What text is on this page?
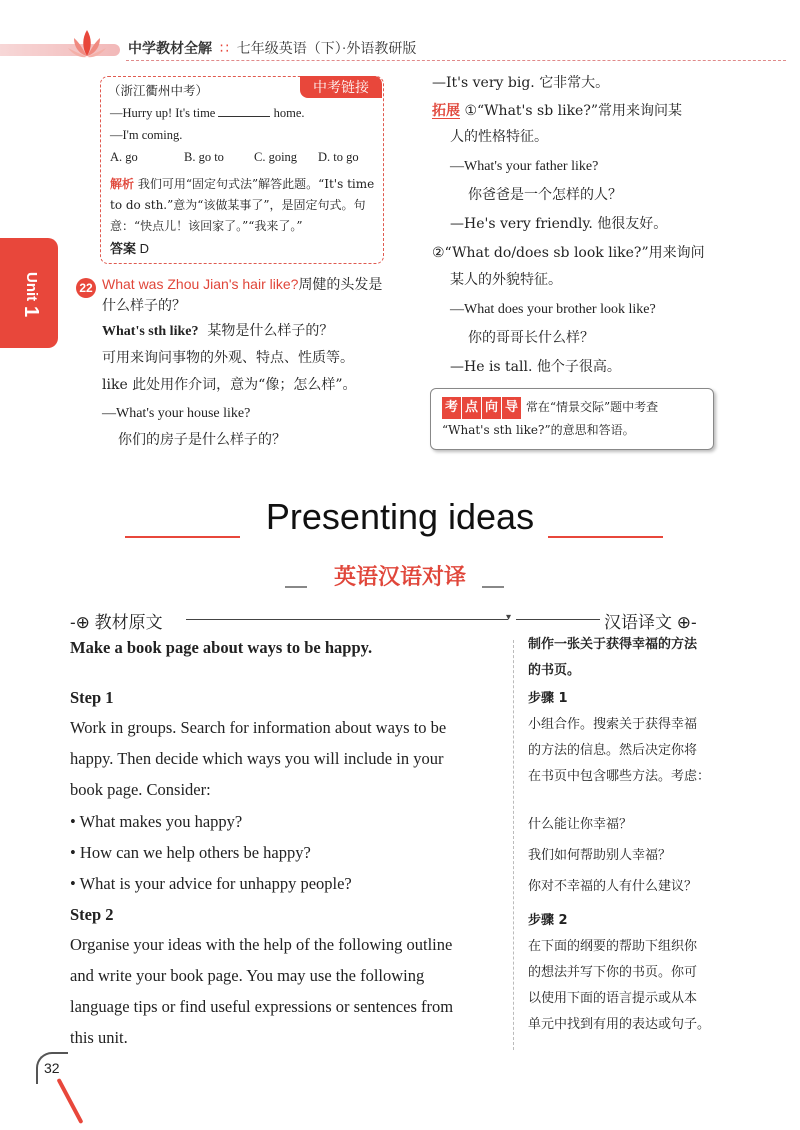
中学教材全解 ∷ 七年级英语（下）·外语教研版
Unit
1
中考链接
（浙江衢州中考）
—Hurry up! It's time	home.
—I'm coming.
A. go	B. go to C. going D. to go
解析 我们可用“固定句式法”解答此题。“It's time to do sth.”意为“该做某事了”，是固定句式。句意：“快点儿！该回家了。”“我来了。”
答案 D
22 What was Zhou Jian's hair like?周健的头发是什么样子的？
What's sth like? 某物是什么样子的？
可用来询问事物的外观、特点、性质等。
like 此处用作介词，意为“像；怎么样”。
—What's your house like?
你们的房子是什么样子的？
—It's very big. 它非常大。
拓展 ①“What's sb like?”常用来询问某
人的性格特征。
—What's your father like?
你爸爸是一个怎样的人？
—He's very friendly. 他很友好。
②“What do/does sb look like?”用来询问
某人的外貌特征。
—What does your brother look like?
你的哥哥长什么样？
—He is tall. 他个子很高。
考 点 向 导 常在“情景交际”题中考查
“What's sth like?”的意思和答语。
Presenting ideas
英语汉语对译
-⊕ 教材原文	▾	汉语译文 ⊕-
Make a book page about ways to be happy.
Step 1
Work in groups. Search for information about ways to be
happy. Then decide which ways you will include in your
book page. Consider:
• What makes you happy?
• How can we help others be happy?
• What is your advice for unhappy people?
Step 2
Organise your ideas with the help of the following outline
and write your book page. You may use the following
language tips or find useful expressions or sentences from
this unit.
制作一张关于获得幸福的方法
的书页。
步骤 1
小组合作。搜索关于获得幸福
的方法的信息。然后决定你将
在书页中包含哪些方法。考虑：
什么能让你幸福？
我们如何帮助别人幸福？
你对不幸福的人有什么建议？
步骤 2
在下面的纲要的帮助下组织你
的想法并写下你的书页。你可
以使用下面的语言提示或从本
单元中找到有用的表达或句子。
32
